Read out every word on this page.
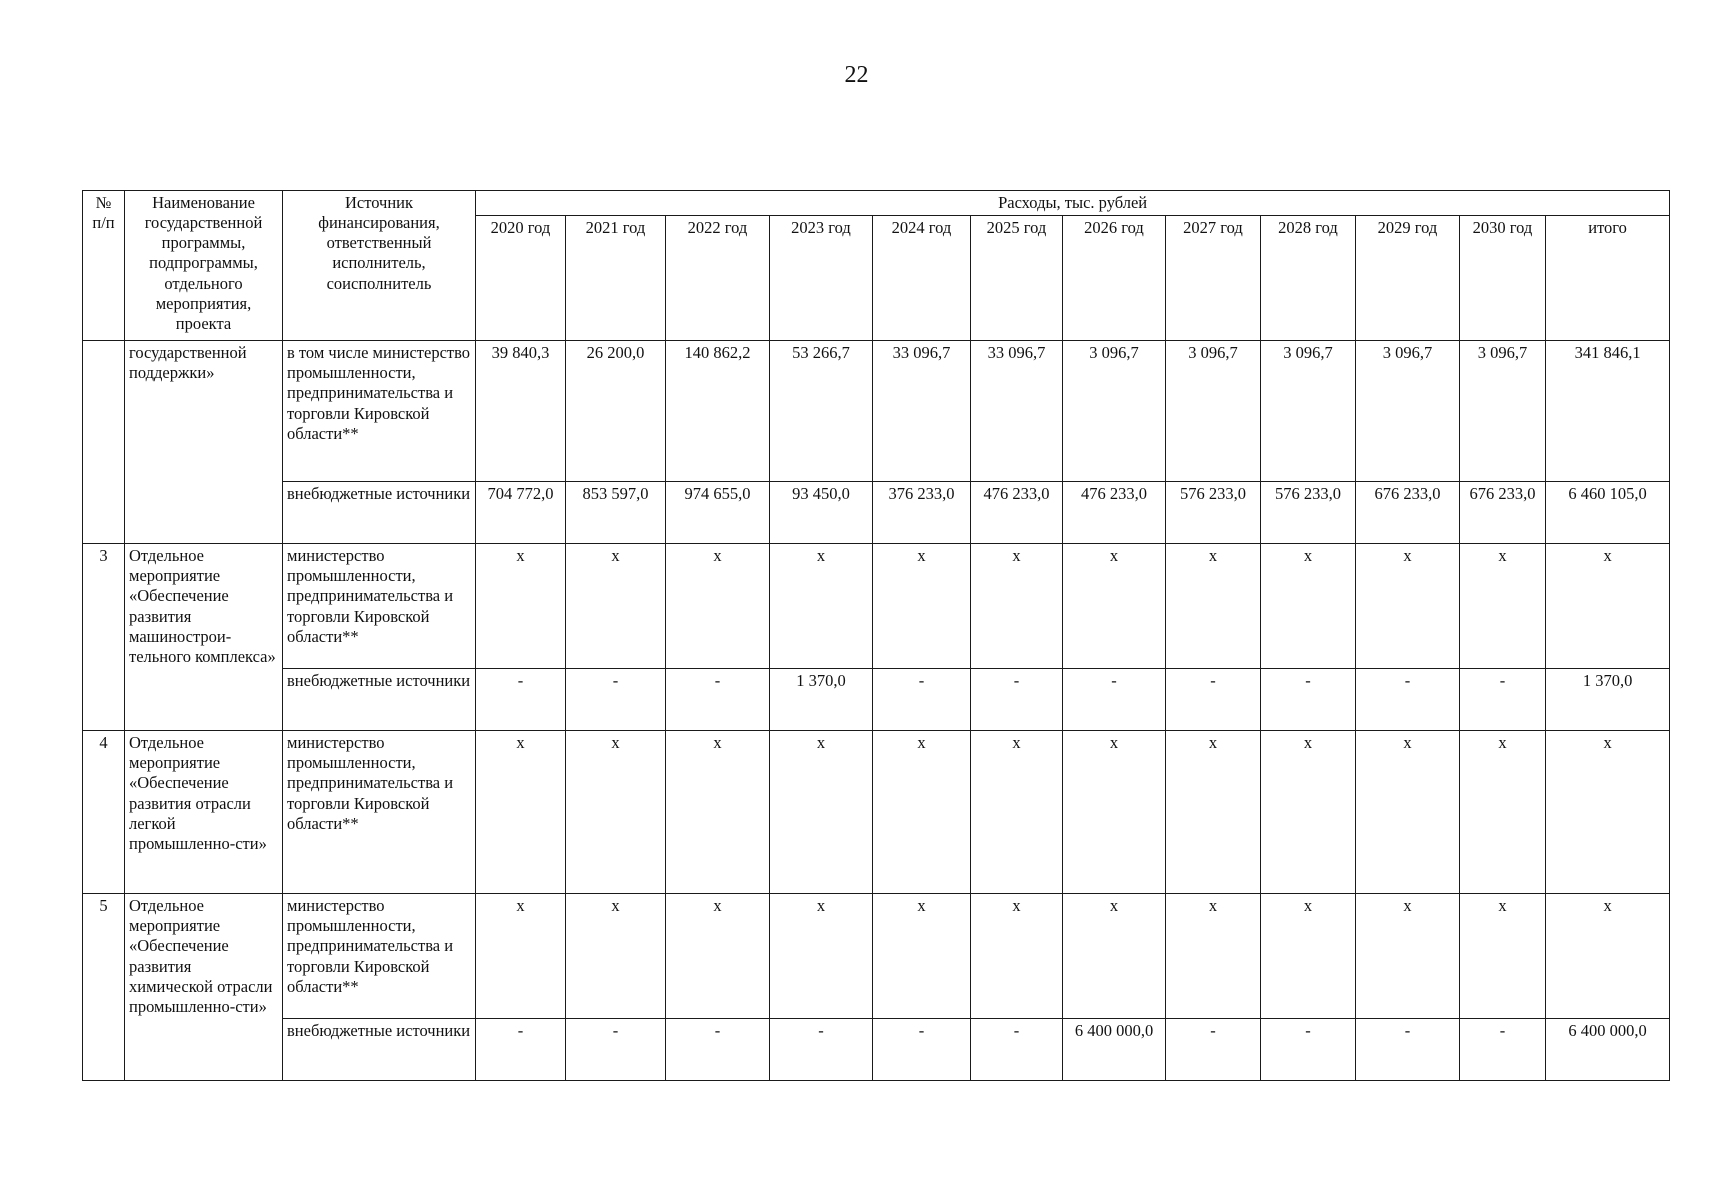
22
№ п/п	Наименование государственной программы, подпрограммы, отдельного мероприятия, проекта	Источник финансирования, ответственный исполнитель, соисполнитель	Расходы, тыс. рублей											
			2020 год	2021 год	2022 год	2023 год	2024 год	2025 год	2026 год	2027 год	2028 год	2029 год	2030 год	итого
	государственной поддержки»	в том числе министерство промышленности, предпринимательства и торговли Кировской области**	39 840,3	26 200,0	140 862,2	53 266,7	33 096,7	33 096,7	3 096,7	3 096,7	3 096,7	3 096,7	3 096,7	341 846,1
		внебюджетные источники	704 772,0	853 597,0	974 655,0	93 450,0	376 233,0	476 233,0	476 233,0	576 233,0	576 233,0	676 233,0	676 233,0	6 460 105,0
3	Отдельное мероприятие «Обеспечение развития машинострои-тельного комплекса»	министерство промышленности, предпринимательства и торговли Кировской области**	x	x	x	x	x	x	x	x	x	x	x	x
		внебюджетные источники	-	-	-	1 370,0	-	-	-	-	-	-	-	1 370,0
4	Отдельное мероприятие «Обеспечение развития отрасли легкой промышленно-сти»	министерство промышленности, предпринимательства и торговли Кировской области**	x	x	x	x	x	x	x	x	x	x	x	x
5	Отдельное мероприятие «Обеспечение развития химической отрасли промышленно-сти»	министерство промышленности, предпринимательства и торговли Кировской области**	x	x	x	x	x	x	x	x	x	x	x	x
		внебюджетные источники	-	-	-	-	-	-	6 400 000,0	-	-	-	-	6 400 000,0
